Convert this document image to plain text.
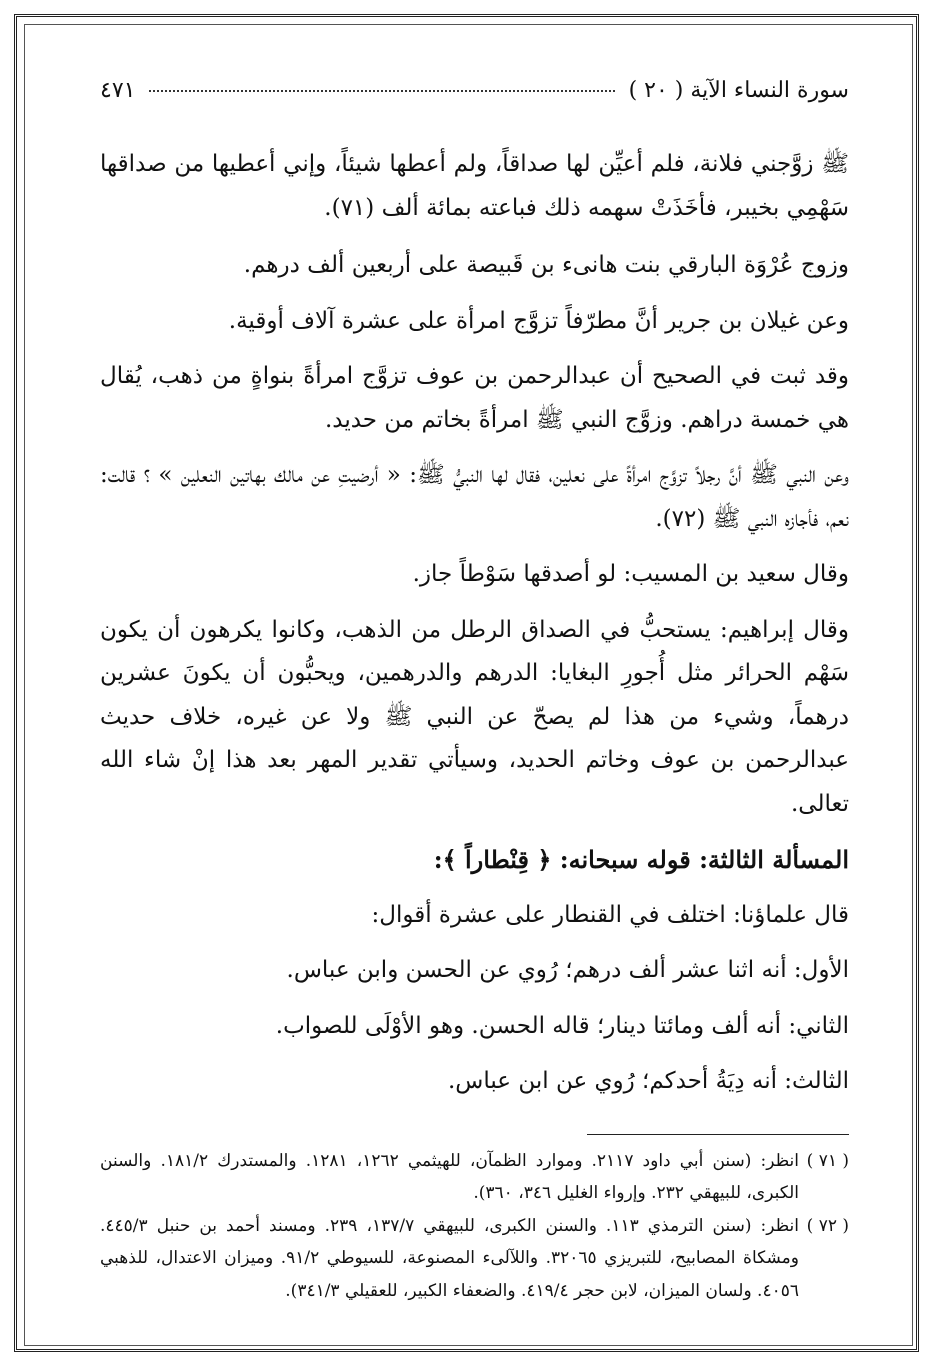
سورة النساء الآية ( ٢٠ )
٤٧١

ﷺ زوَّجني فلانة، فلم أعيِّن لها صداقاً، ولم أعطها شيئاً، وإني أعطيها من صداقها سَهْمِي بخيبر، فأخَذَتْ سهمه ذلك فباعته بمائة ألف (٧١).

وزوج عُرْوَة البارقي بنت هانىء بن قَبيصة على أربعين ألف درهم.

وعن غيلان بن جرير أنَّ مطرّفاً تزوَّج امرأة على عشرة آلاف أوقية.

وقد ثبت في الصحيح أن عبدالرحمن بن عوف تزوَّج امرأةً بنواةٍ من ذهب، يُقال هي خمسة دراهم. وزوَّج النبي ﷺ امرأةً بخاتم من حديد.

وعن النبي ﷺ أنَّ رجلاً تزوَّج امرأةً على نعلين، فقال لها النبيُّ ﷺ: « أرضيتِ عن مالك بهاتين النعلين » ؟ قالت: نعم، فأجازه النبي ﷺ (٧٢).

وقال سعيد بن المسيب: لو أصدقها سَوْطاً جاز.

وقال إبراهيم: يستحبُّ في الصداق الرطل من الذهب، وكانوا يكرهون أن يكون سَهْم الحرائر مثل أُجورِ البغايا: الدرهم والدرهمين، ويحبُّون أن يكونَ عشرين درهماً، وشيء من هذا لم يصحّ عن النبي ﷺ ولا عن غيره، خلاف حديث عبدالرحمن بن عوف وخاتم الحديد، وسيأتي تقدير المهر بعد هذا إنْ شاء الله تعالى.

المسألة الثالثة: قوله سبحانه: ﴿ قِنْطاراً ﴾:

قال علماؤنا: اختلف في القنطار على عشرة أقوال:

الأول: أنه اثنا عشر ألف درهم؛ رُوي عن الحسن وابن عباس.

الثاني: أنه ألف ومائتا دينار؛ قاله الحسن. وهو الأوْلَى للصواب.

الثالث: أنه دِيَةُ أحدكم؛ رُوي عن ابن عباس.

( ٧١ )
انظر: (سنن أبي داود ٢١١٧. وموارد الظمآن، للهيثمي ١٢٦٢، ١٢٨١. والمستدرك ١٨١/٢. والسنن الكبرى، للبيهقي ٢٣٢. وإرواء الغليل ٣٤٦، ٣٦٠).
( ٧٢ )
انظر: (سنن الترمذي ١١٣. والسنن الكبرى، للبيهقي ١٣٧/٧، ٢٣٩. ومسند أحمد بن حنبل ٤٤٥/٣. ومشكاة المصابيح، للتبريزي ٣٢٠٦٥. واللآلىء المصنوعة، للسيوطي ٩١/٢. وميزان الاعتدال، للذهبي ٤٠٥٦. ولسان الميزان، لابن حجر ٤١٩/٤. والضعفاء الكبير، للعقيلي ٣٤١/٣).
